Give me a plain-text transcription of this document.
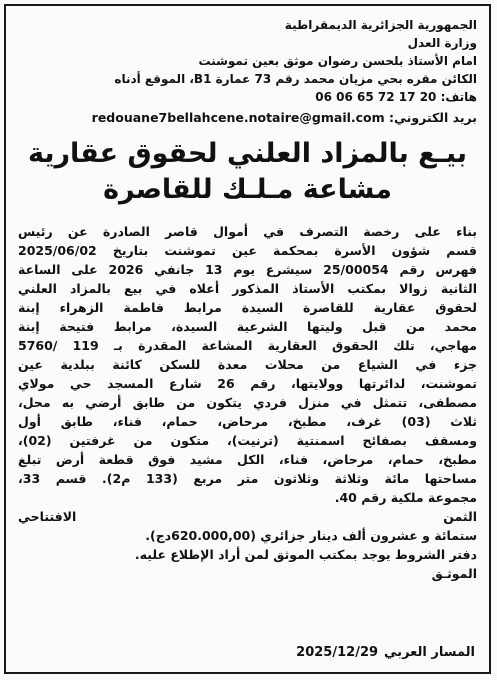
الجمهورية الجزائرية الديمقراطية
وزارة العدل
امام الأستاذ بلحسن رضوان موثق بعين تموشنت
الكائن مقره بحي مزيان محمد رقم 73 عمارة B1، الموقع أدناه
هاتف: 20 17 72 65 06 06
بريد الكتروني: redouane7bellahcene.notaire@gmail.com
بيـع بالمزاد العلني لحقوق عقارية
مشاعة مـلـك للقاصرة
بناء على رخصة التصرف في أموال قاصر الصادرة عن رئيس
قسم شؤون الأسرة بمحكمة عين تموشنت بتاريخ 2025/06/02
فهرس رقم 25/00054 سيشرع يوم 13 جانفي 2026 على الساعة
الثانية زوالا بمكتب الأستاذ المذكور أعلاه في بيع بالمزاد العلني
لحقوق عقارية للقاصرة السيدة مرابط فاطمة الزهراء إبنة
محمد من قبل وليتها الشرعية السيدة، مرابط فتيحة إبنة
مهاجي، تلك الحقوق العقارية المشاعة المقدرة بـ 119 /5760
جزء في الشياع من محلات معدة للسكن كائنة ببلدية عين
تموشنت، لدائرتها وولايتها، رقم 26 شارع المسجد حي مولاي
مصطفى، تتمثل في منزل فردي يتكون من طابق أرضي به محل،
ثلاث (03) غرف، مطبخ، مرحاض، حمام، فناء، طابق أول
ومسقف بصفائح اسمنتية (ترنيت)، متكون من غرفتين (02)،
مطبخ، حمام، مرحاض، فناء، الكل مشيد فوق قطعة أرض تبلغ
مساحتها مائة وثلاثة وثلاثون متر مربع (133 م2). قسم 33،
مجموعة ملكية رقم 40.
الثمن الافتتاحي
ستمائة و عشرون ألف دينار جزائري (620.000,00دج).
دفتر الشروط يوجد بمكتب الموثق لمن أراد الإطلاع عليه.
الموثـق
المسار العربي
2025/12/29
